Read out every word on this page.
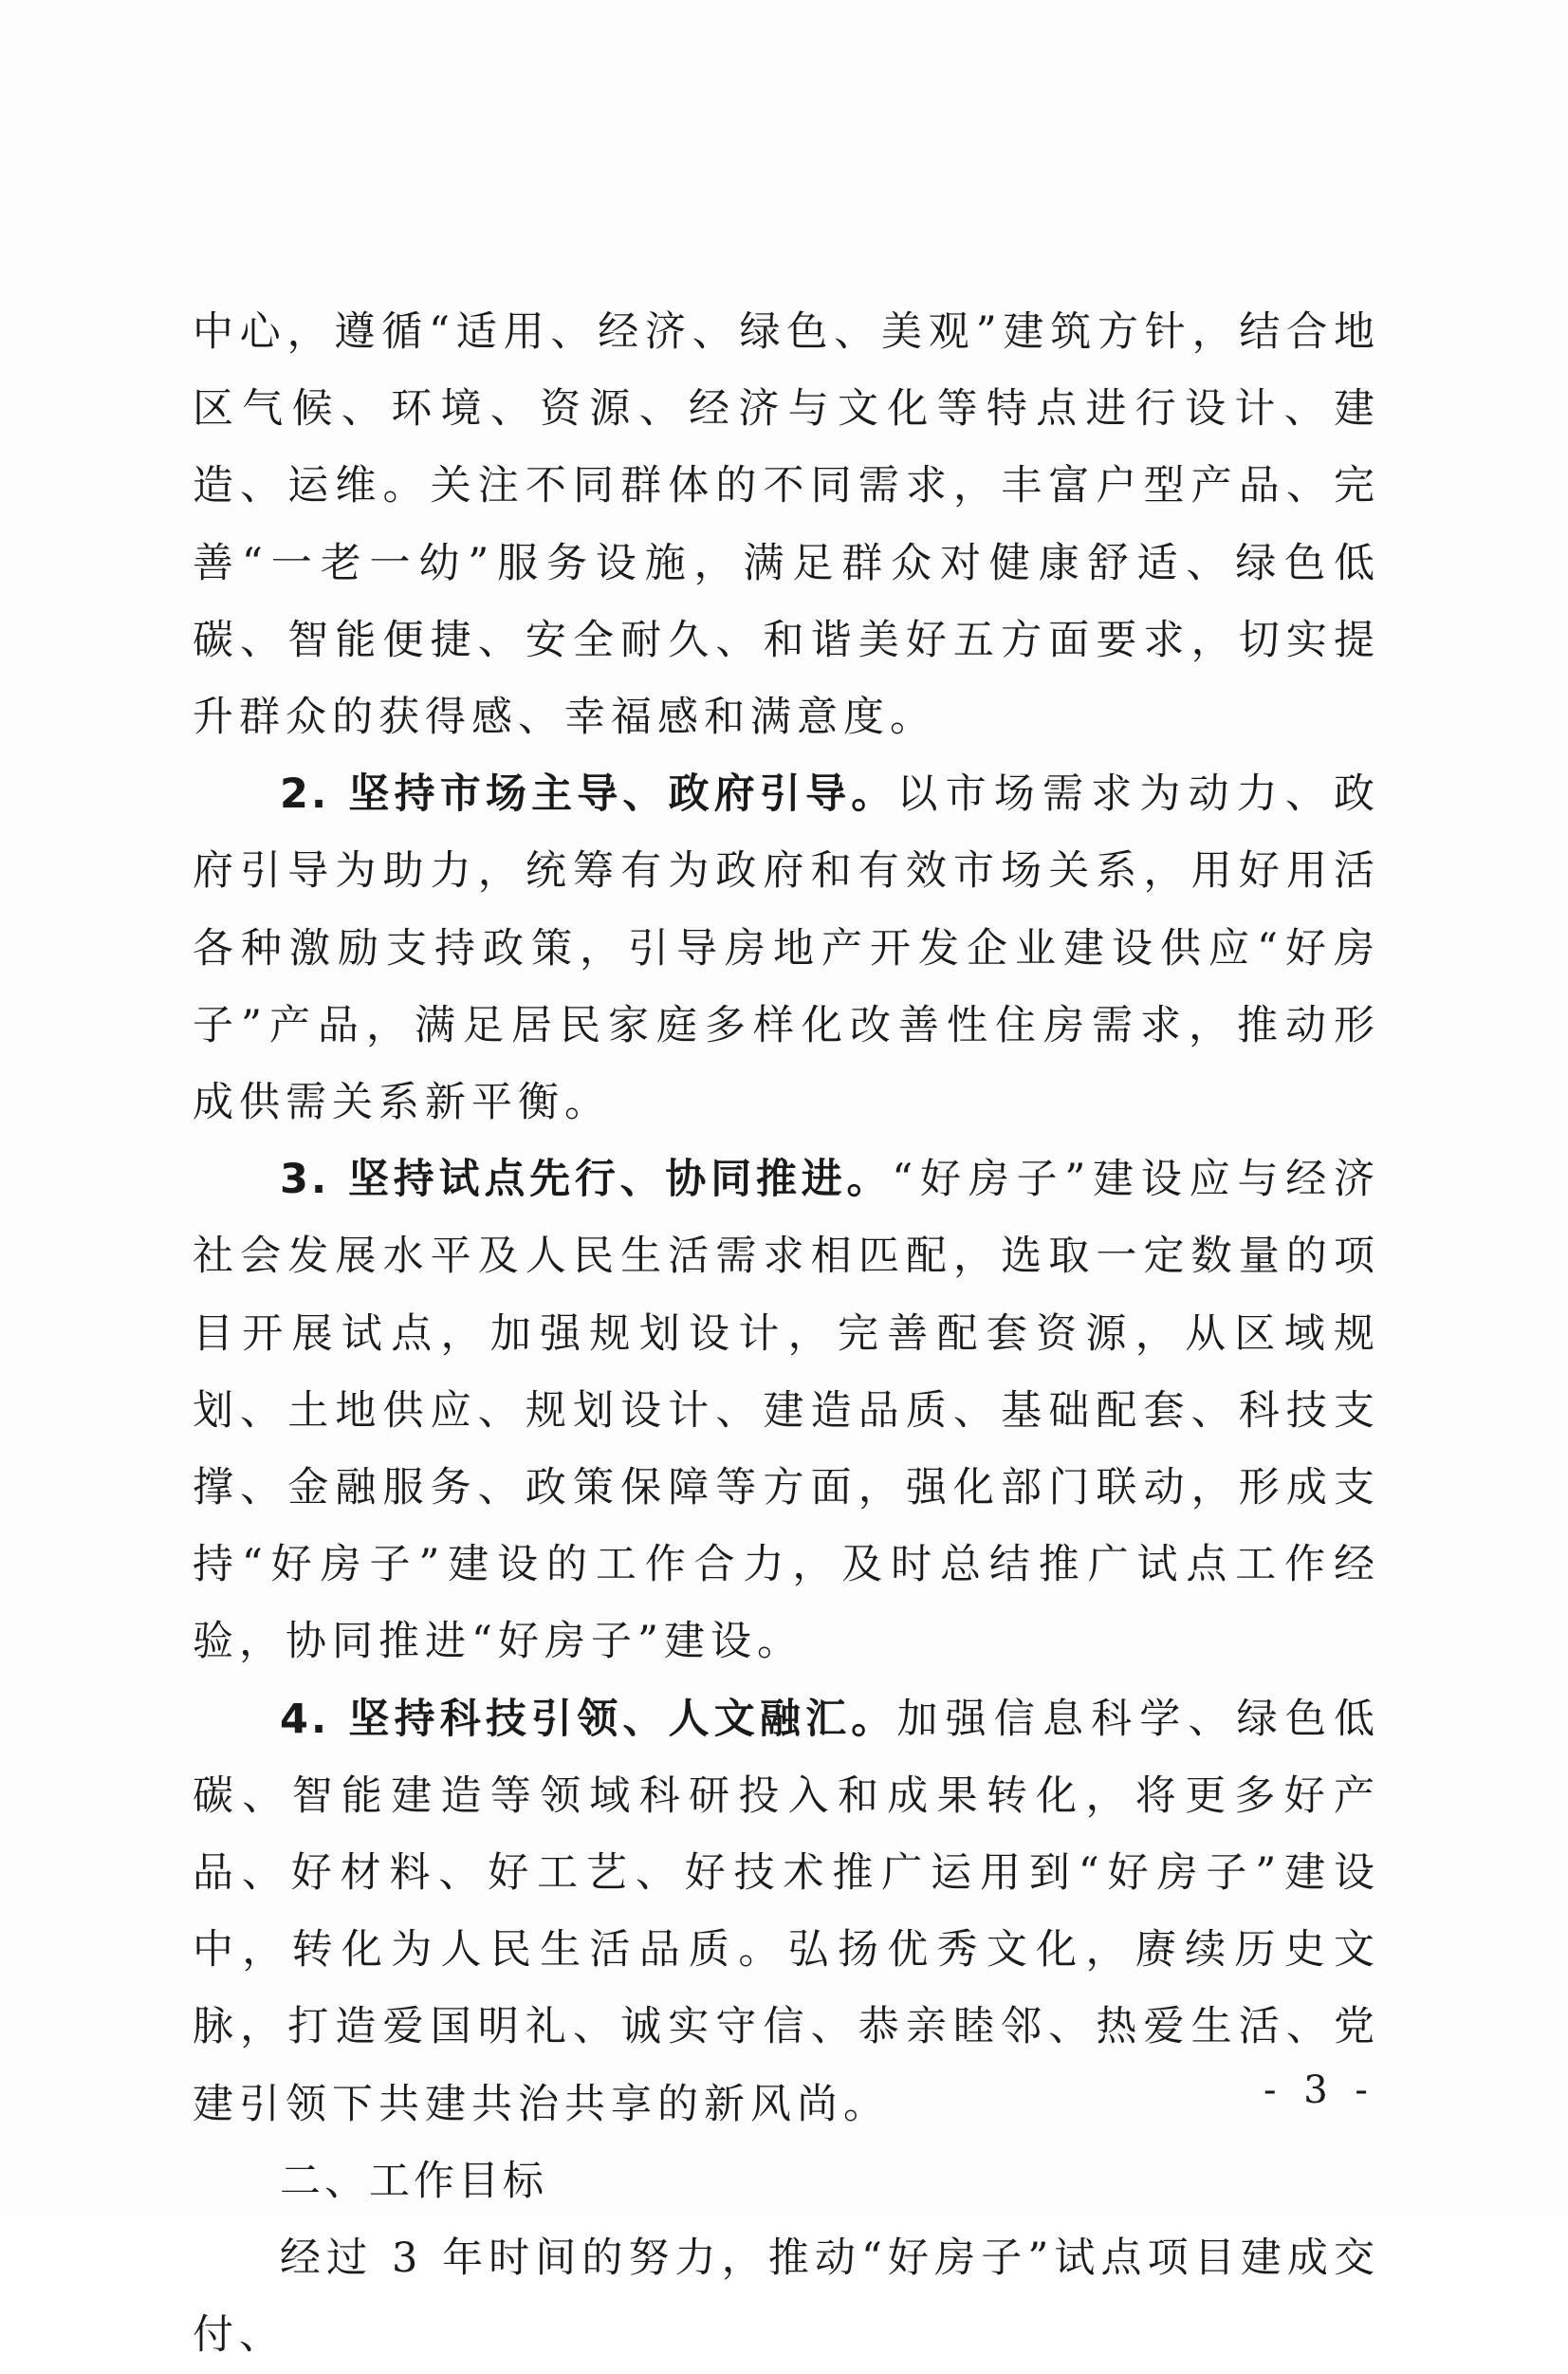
中心，遵循“适用、经济、绿色、美观”建筑方针，结合地区气候、环境、资源、经济与文化等特点进行设计、建造、运维。关注不同群体的不同需求，丰富户型产品、完善“一老一幼”服务设施，满足群众对健康舒适、绿色低碳、智能便捷、安全耐久、和谐美好五方面要求，切实提升群众的获得感、幸福感和满意度。

2. 坚持市场主导、政府引导。以市场需求为动力、政府引导为助力，统筹有为政府和有效市场关系，用好用活各种激励支持政策，引导房地产开发企业建设供应“好房子”产品，满足居民家庭多样化改善性住房需求，推动形成供需关系新平衡。

3. 坚持试点先行、协同推进。“好房子”建设应与经济社会发展水平及人民生活需求相匹配，选取一定数量的项目开展试点，加强规划设计，完善配套资源，从区域规划、土地供应、规划设计、建造品质、基础配套、科技支撑、金融服务、政策保障等方面，强化部门联动，形成支持“好房子”建设的工作合力，及时总结推广试点工作经验，协同推进“好房子”建设。

4. 坚持科技引领、人文融汇。加强信息科学、绿色低碳、智能建造等领域科研投入和成果转化，将更多好产品、好材料、好工艺、好技术推广运用到“好房子”建设中，转化为人民生活品质。弘扬优秀文化，赓续历史文脉，打造爱国明礼、诚实守信、恭亲睦邻、热爱生活、党建引领下共建共治共享的新风尚。

二、工作目标

经过 3 年时间的努力，推动“好房子”试点项目建成交付、

- 3 -
